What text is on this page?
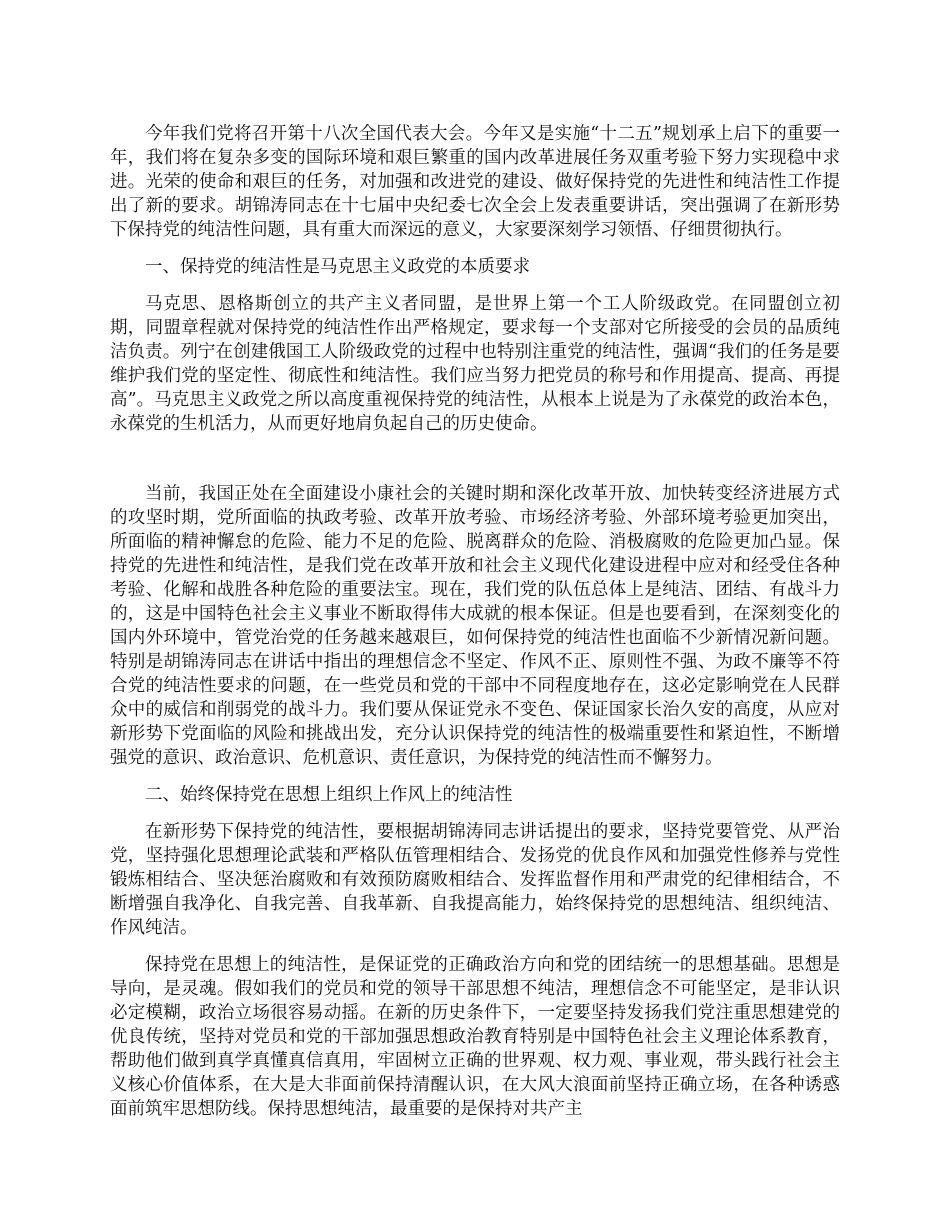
今年我们党将召开第十八次全国代表大会。今年又是实施“十二五”规划承上启下的重要一年，我们将在复杂多变的国际环境和艰巨繁重的国内改革进展任务双重考验下努力实现稳中求进。光荣的使命和艰巨的任务，对加强和改进党的建设、做好保持党的先进性和纯洁性工作提出了新的要求。胡锦涛同志在十七届中央纪委七次全会上发表重要讲话，突出强调了在新形势下保持党的纯洁性问题，具有重大而深远的意义，大家要深刻学习领悟、仔细贯彻执行。

一、保持党的纯洁性是马克思主义政党的本质要求

马克思、恩格斯创立的共产主义者同盟，是世界上第一个工人阶级政党。在同盟创立初期，同盟章程就对保持党的纯洁性作出严格规定，要求每一个支部对它所接受的会员的品质纯洁负责。列宁在创建俄国工人阶级政党的过程中也特别注重党的纯洁性，强调“我们的任务是要维护我们党的坚定性、彻底性和纯洁性。我们应当努力把党员的称号和作用提高、提高、再提高”。马克思主义政党之所以高度重视保持党的纯洁性，从根本上说是为了永葆党的政治本色，永葆党的生机活力，从而更好地肩负起自己的历史使命。

当前，我国正处在全面建设小康社会的关键时期和深化改革开放、加快转变经济进展方式的攻坚时期，党所面临的执政考验、改革开放考验、市场经济考验、外部环境考验更加突出，所面临的精神懈怠的危险、能力不足的危险、脱离群众的危险、消极腐败的危险更加凸显。保持党的先进性和纯洁性，是我们党在改革开放和社会主义现代化建设进程中应对和经受住各种考验、化解和战胜各种危险的重要法宝。现在，我们党的队伍总体上是纯洁、团结、有战斗力的，这是中国特色社会主义事业不断取得伟大成就的根本保证。但是也要看到，在深刻变化的国内外环境中，管党治党的任务越来越艰巨，如何保持党的纯洁性也面临不少新情况新问题。特别是胡锦涛同志在讲话中指出的理想信念不坚定、作风不正、原则性不强、为政不廉等不符合党的纯洁性要求的问题，在一些党员和党的干部中不同程度地存在，这必定影响党在人民群众中的威信和削弱党的战斗力。我们要从保证党永不变色、保证国家长治久安的高度，从应对新形势下党面临的风险和挑战出发，充分认识保持党的纯洁性的极端重要性和紧迫性，不断增强党的意识、政治意识、危机意识、责任意识，为保持党的纯洁性而不懈努力。

二、始终保持党在思想上组织上作风上的纯洁性

在新形势下保持党的纯洁性，要根据胡锦涛同志讲话提出的要求，坚持党要管党、从严治党，坚持强化思想理论武装和严格队伍管理相结合、发扬党的优良作风和加强党性修养与党性锻炼相结合、坚决惩治腐败和有效预防腐败相结合、发挥监督作用和严肃党的纪律相结合，不断增强自我净化、自我完善、自我革新、自我提高能力，始终保持党的思想纯洁、组织纯洁、作风纯洁。

保持党在思想上的纯洁性，是保证党的正确政治方向和党的团结统一的思想基础。思想是导向，是灵魂。假如我们的党员和党的领导干部思想不纯洁，理想信念不可能坚定，是非认识必定模糊，政治立场很容易动摇。在新的历史条件下，一定要坚持发扬我们党注重思想建党的优良传统，坚持对党员和党的干部加强思想政治教育特别是中国特色社会主义理论体系教育，帮助他们做到真学真懂真信真用，牢固树立正确的世界观、权力观、事业观，带头践行社会主义核心价值体系，在大是大非面前保持清醒认识，在大风大浪面前坚持正确立场，在各种诱惑面前筑牢思想防线。保持思想纯洁，最重要的是保持对共产主
